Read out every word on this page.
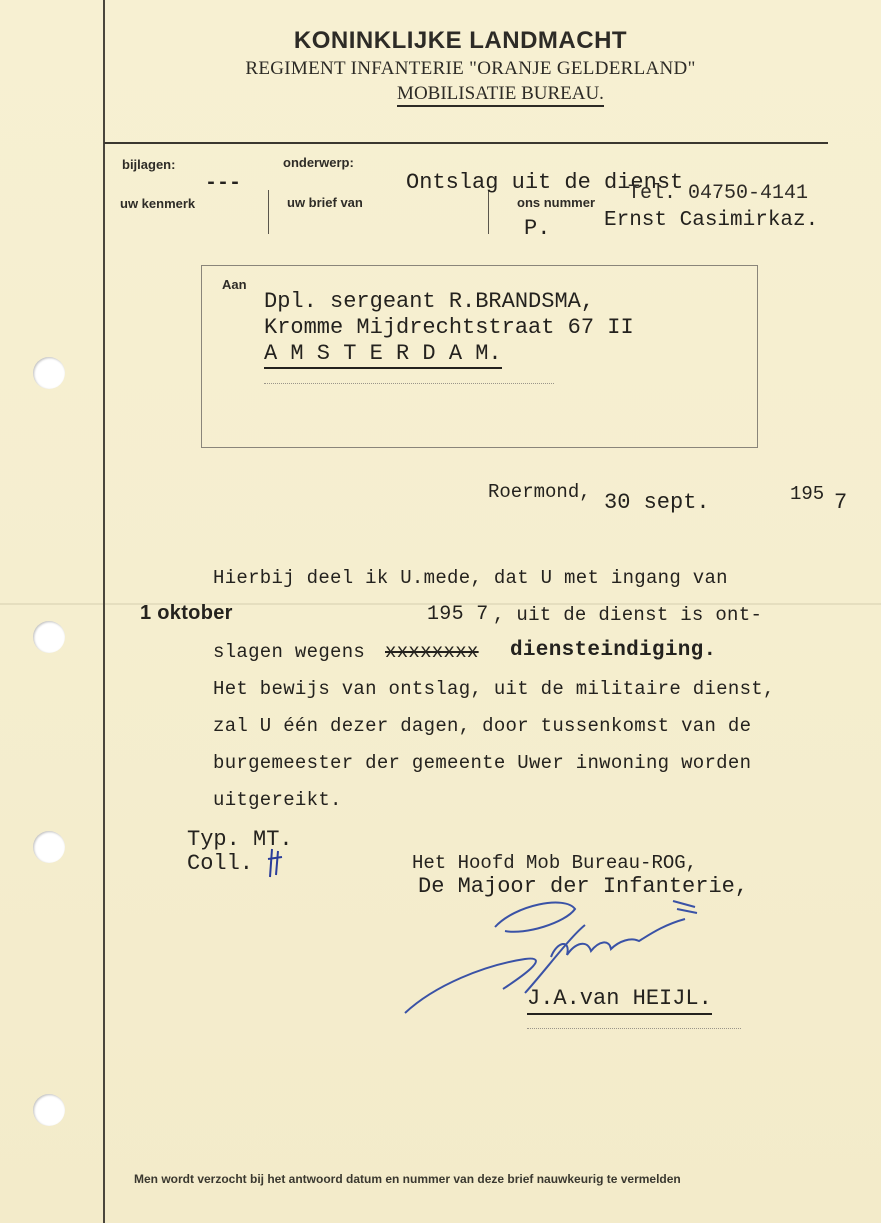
KONINKLIJKE LANDMACHT
REGIMENT INFANTERIE "ORANJE GELDERLAND"
MOBILISATIE BUREAU.
bijlagen:	onderwerp:
---
uw kenmerk	uw brief van	ons nummer
Ontslag uit de dienst
Tel. 04750-4141
Ernst Casimirkaz.
P.
Aan
Dpl. sergeant R.BRANDSMA,
Kromme Mijdrechtstraat 67 II
A M S T E R D A M.
Roermond, 30 sept.	195 7
Hierbij deel ik U.mede, dat U met ingang van
1 oktober	195 7 , uit de dienst is ont-
slagen wegens xxxxxxxx diensteindiging.
Het bewijs van ontslag, uit de militaire dienst,
zal U één dezer dagen, door tussenkomst van de
burgemeester der gemeente Uwer inwoning worden
uitgereikt.
Typ. MT.
Coll.	Het Hoofd Mob Bureau-ROG,
De Majoor der Infanterie,
J.A.van HEIJL.
Men wordt verzocht bij het antwoord datum en nummer van deze brief nauwkeurig te vermelden
